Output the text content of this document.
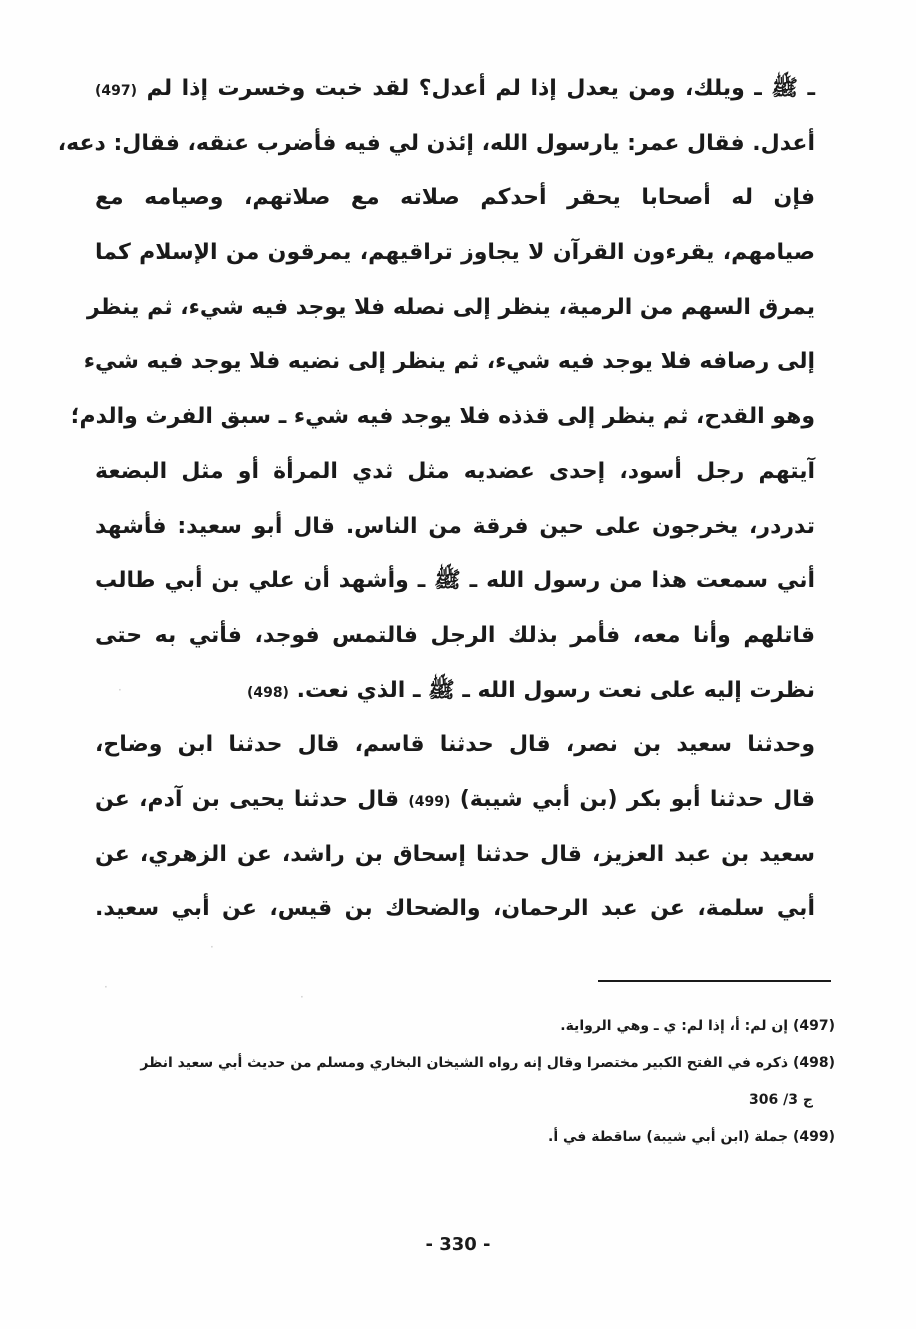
ـ ﷺ ـ ويلك، ومن يعدل إذا لم أعدل؟ لقد خبت وخسرت إذا لم (497)
أعدل. فقال عمر: يارسول الله، إئذن لي فيه فأضرب عنقه، فقال: دعه،
فإن له أصحابا يحقر أحدكم صلاته مع صلاتهم، وصيامه مع
صيامهم، يقرءون القرآن لا يجاوز تراقيهم، يمرقون من الإسلام كما
يمرق السهم من الرمية، ينظر إلى نصله فلا يوجد فيه شيء، ثم ينظر
إلى رصافه فلا يوجد فيه شيء، ثم ينظر إلى نضيه فلا يوجد فيه شيء
وهو القدح، ثم ينظر إلى قذذه فلا يوجد فيه شيء ـ سبق الفرث والدم؛
آيتهم رجل أسود، إحدى عضديه مثل ثدي المرأة أو مثل البضعة
تدردر، يخرجون على حين فرقة من الناس. قال أبو سعيد: فأشهد
أني سمعت هذا من رسول الله ـ ﷺ ـ وأشهد أن علي بن أبي طالب
قاتلهم وأنا معه، فأمر بذلك الرجل فالتمس فوجد، فأتي به حتى
نظرت إليه على نعت رسول الله ـ ﷺ ـ الذي نعت. (498)
وحدثنا سعيد بن نصر، قال حدثنا قاسم، قال حدثنا ابن وضاح،
قال حدثنا أبو بكر (بن أبي شيبة) (499) قال حدثنا يحيى بن آدم، عن
سعيد بن عبد العزيز، قال حدثنا إسحاق بن راشد، عن الزهري، عن
أبي سلمة، عن عبد الرحمان، والضحاك بن قيس، عن أبي سعيد.
(497) إن لم: أ، إذا لم: ي ـ وهي الرواية.
(498) ذكره في الفتح الكبير مختصرا وقال إنه رواه الشيخان البخاري ومسلم من حديث أبي سعيد انظر
ج 3/ 306
(499) جملة (ابن أبي شيبة) ساقطة في أ.
- 330 -
·
·
·
·
